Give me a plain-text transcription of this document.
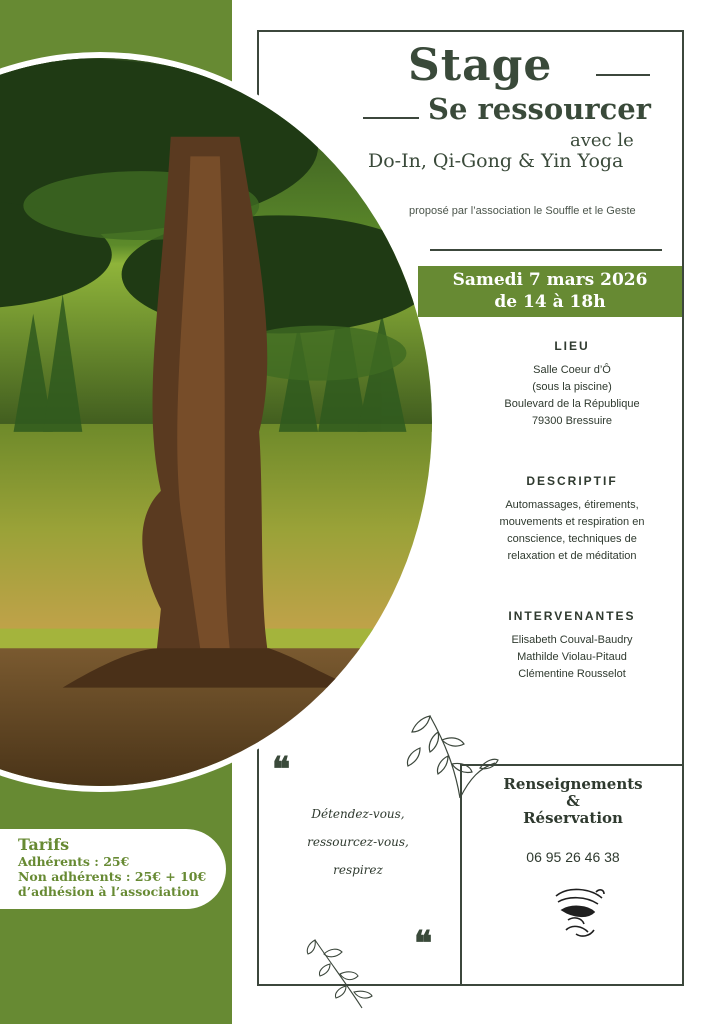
Stage
Se ressourcer
avec le
Do-In, Qi-Gong & Yin Yoga
proposé par l’association le Souffle et le Geste
Samedi 7 mars 2026
de 14 à 18h
LIEU
Salle Coeur d’Ô
(sous la piscine)
Boulevard de la République
79300 Bressuire
DESCRIPTIF
Automassages, étirements,
mouvements et respiration en
conscience, techniques de
relaxation et de méditation
INTERVENANTES
Elisabeth Couval-Baudry
Mathilde Violau-Pitaud
Clémentine Rousselot
❝
Détendez-vous,
ressourcez-vous,
respirez
❝
Renseignements
&
Réservation
06 95 26 46 38
Tarifs
Adhérents : 25€
Non adhérents : 25€ + 10€
d’adhésion à l’association
